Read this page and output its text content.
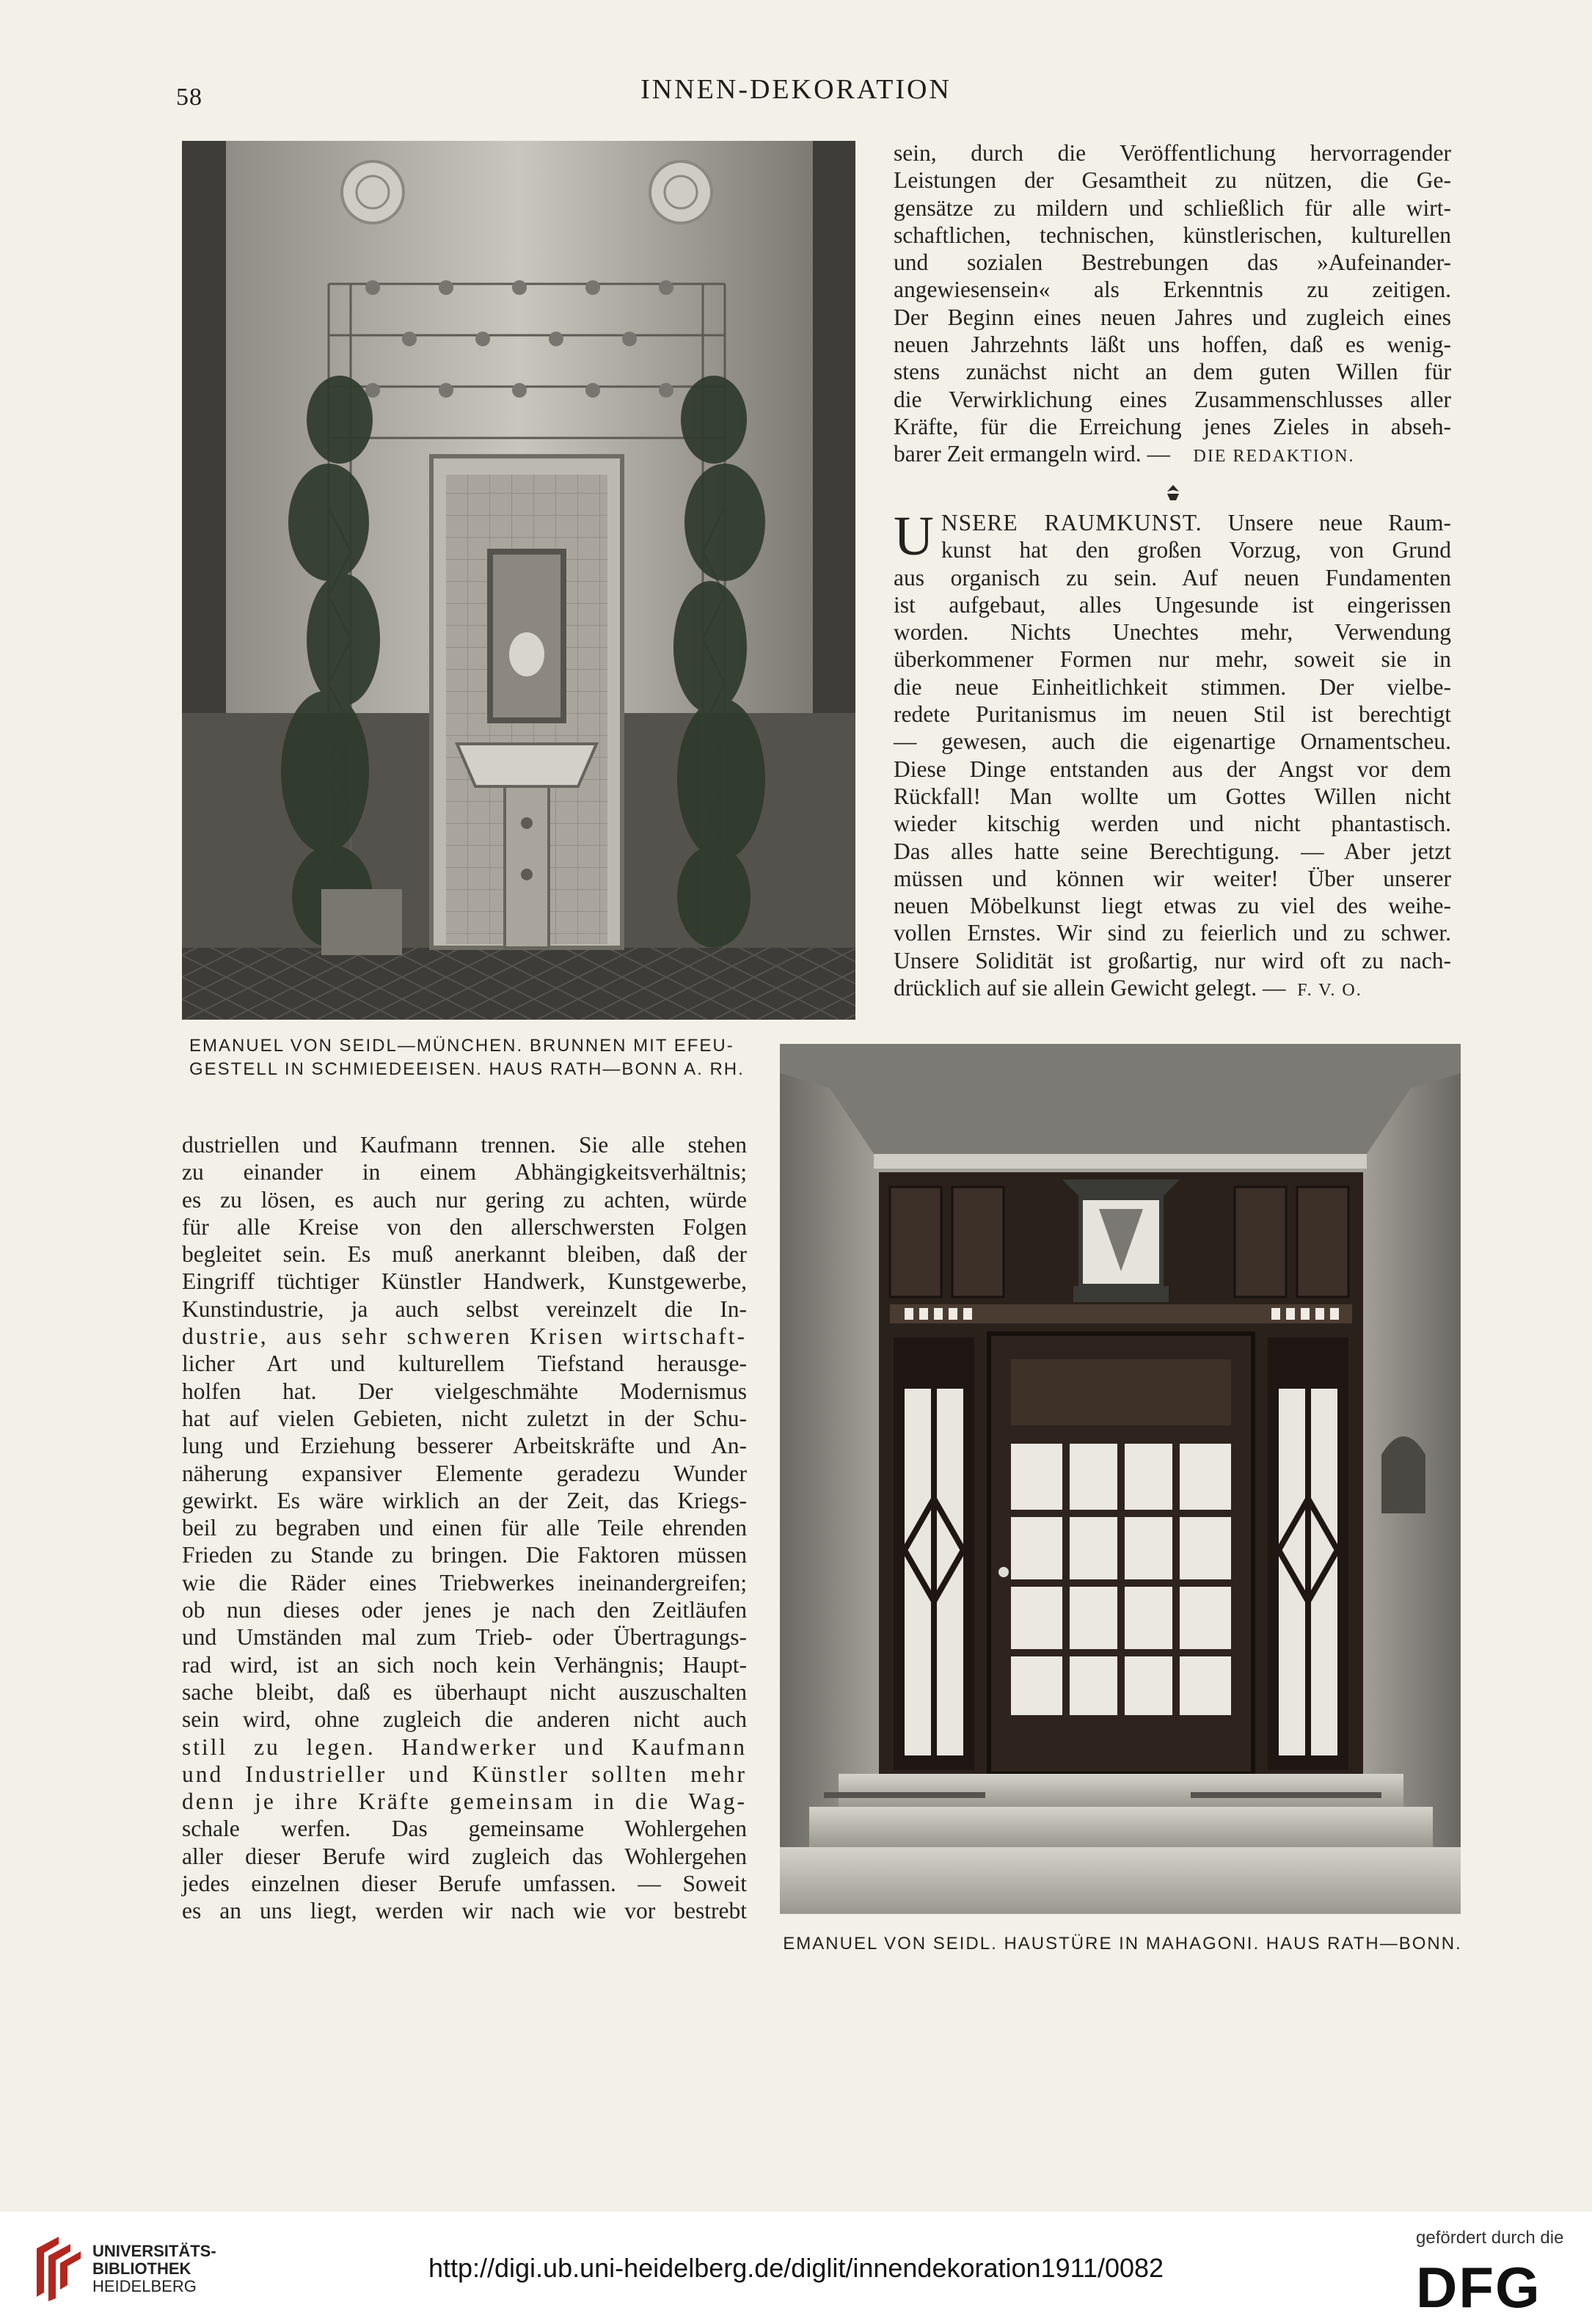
58	INNEN-DEKORATION
EMANUEL VON SEIDL—MÜNCHEN. BRUNNEN MIT EFEU-
GESTELL IN SCHMIEDEEISEN. HAUS RATH—BONN A. RH.

sein, durch die Veröffentlichung hervorragender

Leistungen der Gesamtheit zu nützen, die Ge-

gensätze zu mildern und schließlich für alle wirt-

schaftlichen, technischen, künstlerischen, kulturellen

und sozialen Bestrebungen das »Aufeinander-

angewiesensein« als Erkenntnis zu zeitigen.

Der Beginn eines neuen Jahres und zugleich eines

neuen Jahrzehnts läßt uns hoffen, daß es wenig-

stens zunächst nicht an dem guten Willen für

die Verwirklichung eines Zusammenschlusses aller

Kräfte, für die Erreichung jenes Zieles in abseh-

barer Zeit ermangeln wird. — DIE REDAKTION.

U NSERE RAUMKUNST. Unsere neue Raum-

kunst hat den großen Vorzug, von Grund

aus organisch zu sein. Auf neuen Fundamenten

ist aufgebaut, alles Ungesunde ist eingerissen

worden. Nichts Unechtes mehr, Verwendung

überkommener Formen nur mehr, soweit sie in

die neue Einheitlichkeit stimmen. Der vielbe-

redete Puritanismus im neuen Stil ist berechtigt

— gewesen, auch die eigenartige Ornamentscheu.

Diese Dinge entstanden aus der Angst vor dem

Rückfall! Man wollte um Gottes Willen nicht

wieder kitschig werden und nicht phantastisch.

Das alles hatte seine Berechtigung. — Aber jetzt

müssen und können wir weiter! Über unserer

neuen Möbelkunst liegt etwas zu viel des weihe-

vollen Ernstes. Wir sind zu feierlich und zu schwer.

Unsere Solidität ist großartig, nur wird oft zu nach-

drücklich auf sie allein Gewicht gelegt. — F. V. O.

dustriellen und Kaufmann trennen. Sie alle stehen

zu einander in einem Abhängigkeitsverhältnis;

es zu lösen, es auch nur gering zu achten, würde

für alle Kreise von den allerschwersten Folgen

begleitet sein. Es muß anerkannt bleiben, daß der

Eingriff tüchtiger Künstler Handwerk, Kunstgewerbe,

Kunstindustrie, ja auch selbst vereinzelt die In-

dustrie, aus sehr schweren Krisen wirtschaft-

licher Art und kulturellem Tiefstand herausge-

holfen hat. Der vielgeschmähte Modernismus

hat auf vielen Gebieten, nicht zuletzt in der Schu-

lung und Erziehung besserer Arbeitskräfte und An-

näherung expansiver Elemente geradezu Wunder

gewirkt. Es wäre wirklich an der Zeit, das Kriegs-

beil zu begraben und einen für alle Teile ehrenden

Frieden zu Stande zu bringen. Die Faktoren müssen

wie die Räder eines Triebwerkes ineinandergreifen;

ob nun dieses oder jenes je nach den Zeitläufen

und Umständen mal zum Trieb- oder Übertragungs-

rad wird, ist an sich noch kein Verhängnis; Haupt-

sache bleibt, daß es überhaupt nicht auszuschalten

sein wird, ohne zugleich die anderen nicht auch

still zu legen. Handwerker und Kaufmann

und Industrieller und Künstler sollten mehr

denn je ihre Kräfte gemeinsam in die Wag-

schale werfen. Das gemeinsame Wohlergehen

aller dieser Berufe wird zugleich das Wohlergehen

jedes einzelnen dieser Berufe umfassen. — Soweit

es an uns liegt, werden wir nach wie vor bestrebt

EMANUEL VON SEIDL. HAUSTÜRE IN MAHAGONI. HAUS RATH—BONN.
UNIVERSITÄTS-
BIBLIOTHEK
HEIDELBERG
http://digi.ub.uni-heidelberg.de/diglit/innendekoration1911/0082
gefördert durch die
DFG
